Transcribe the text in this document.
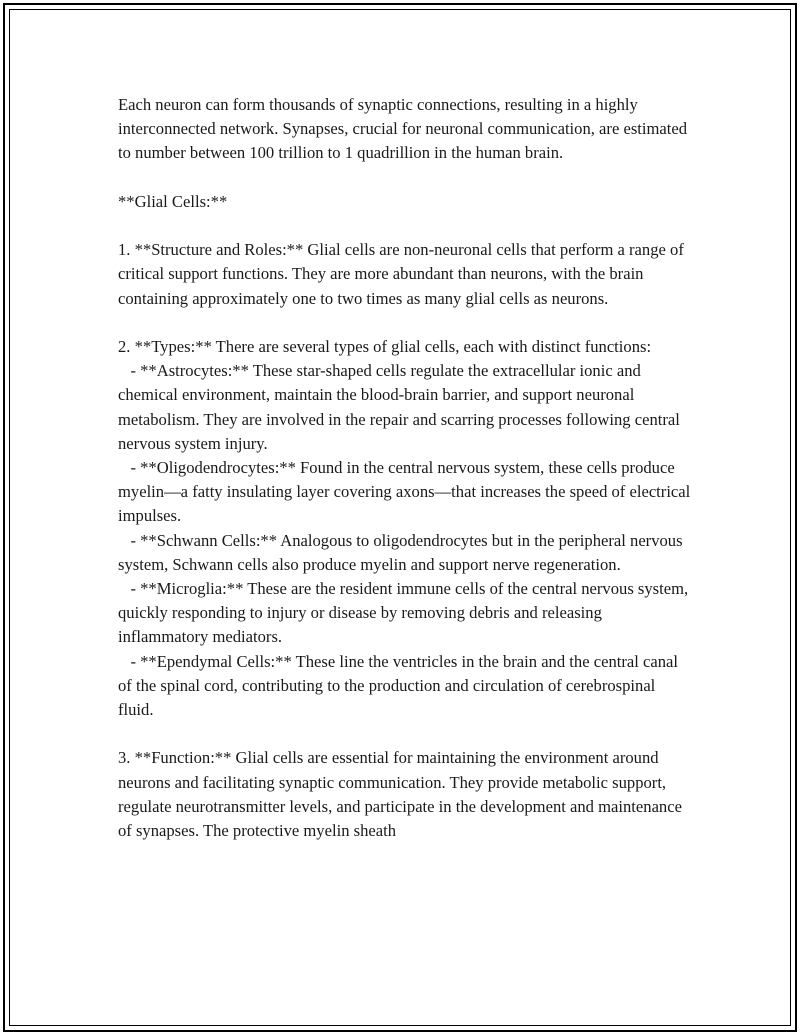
Each neuron can form thousands of synaptic connections, resulting in a highly interconnected network. Synapses, crucial for neuronal communication, are estimated to number between 100 trillion to 1 quadrillion in the human brain.

**Glial Cells:**

1. **Structure and Roles:** Glial cells are non-neuronal cells that perform a range of critical support functions. They are more abundant than neurons, with the brain containing approximately one to two times as many glial cells as neurons.

2. **Types:** There are several types of glial cells, each with distinct functions:

- **Astrocytes:** These star-shaped cells regulate the extracellular ionic and chemical environment, maintain the blood-brain barrier, and support neuronal metabolism. They are involved in the repair and scarring processes following central nervous system injury.

- **Oligodendrocytes:** Found in the central nervous system, these cells produce myelin—a fatty insulating layer covering axons—that increases the speed of electrical impulses.

- **Schwann Cells:** Analogous to oligodendrocytes but in the peripheral nervous system, Schwann cells also produce myelin and support nerve regeneration.

- **Microglia:** These are the resident immune cells of the central nervous system, quickly responding to injury or disease by removing debris and releasing inflammatory mediators.

- **Ependymal Cells:** These line the ventricles in the brain and the central canal of the spinal cord, contributing to the production and circulation of cerebrospinal fluid.

3. **Function:** Glial cells are essential for maintaining the environment around neurons and facilitating synaptic communication. They provide metabolic support, regulate neurotransmitter levels, and participate in the development and maintenance of synapses. The protective myelin sheath
